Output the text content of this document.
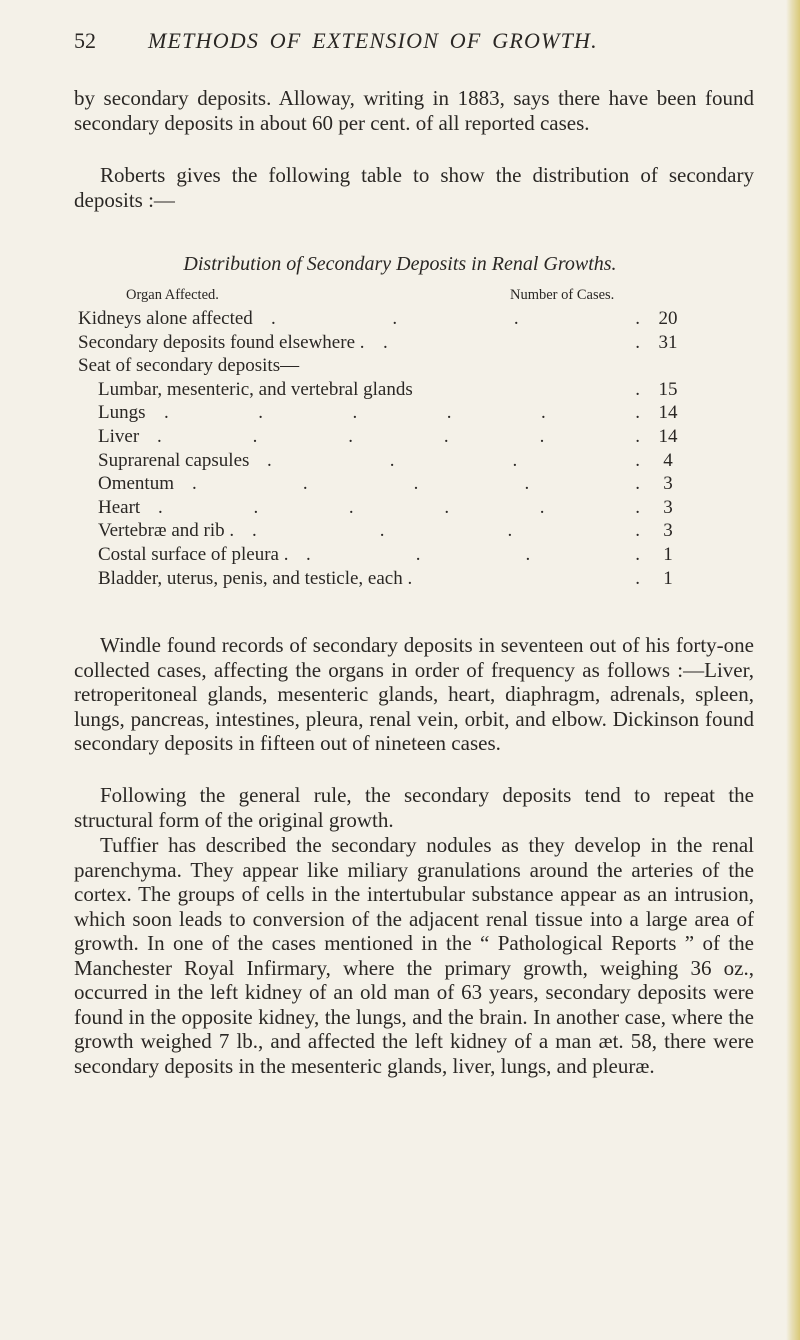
52 METHODS OF EXTENSION OF GROWTH.

by secondary deposits. Alloway, writing in 1883, says there have been found secondary deposits in about 60 per cent. of all reported cases.

Roberts gives the following table to show the distribution of secondary deposits :—

Distribution of Secondary Deposits in Renal Growths.
Organ Affected.	Number of Cases.
Kidneys alone affected .	.	.	. 20
Secondary deposits found elsewhere . .	. 31
Seat of secondary deposits—
Lumbar, mesenteric, and vertebral glands	. 15
Lungs .	.	.	.	.	. 14
Liver .	.	.	.	.	. 14
Suprarenal capsules .	.	.	.	4
Omentum .	.	.	.	.	3
Heart .	.	.	.	.	.	3
Vertebræ and rib . .	.	.	.	3
Costal surface of pleura . .	.	.	.	1
Bladder, uterus, penis, and testicle, each .	.	1

Windle found records of secondary deposits in seventeen out of his forty-one collected cases, affecting the organs in order of frequency as follows :—Liver, retroperitoneal glands, mesenteric glands, heart, diaphragm, adrenals, spleen, lungs, pancreas, intestines, pleura, renal vein, orbit, and elbow. Dickinson found secondary deposits in fifteen out of nineteen cases.

Following the general rule, the secondary deposits tend to repeat the structural form of the original growth.

Tuffier has described the secondary nodules as they develop in the renal parenchyma. They appear like miliary granulations around the arteries of the cortex. The groups of cells in the intertubular substance appear as an intrusion, which soon leads to conversion of the adjacent renal tissue into a large area of growth. In one of the cases mentioned in the “ Pathological Reports ” of the Manchester Royal Infirmary, where the primary growth, weighing 36 oz., occurred in the left kidney of an old man of 63 years, secondary deposits were found in the opposite kidney, the lungs, and the brain. In another case, where the growth weighed 7 lb., and affected the left kidney of a man æt. 58, there were secondary deposits in the mesenteric glands, liver, lungs, and pleuræ.
